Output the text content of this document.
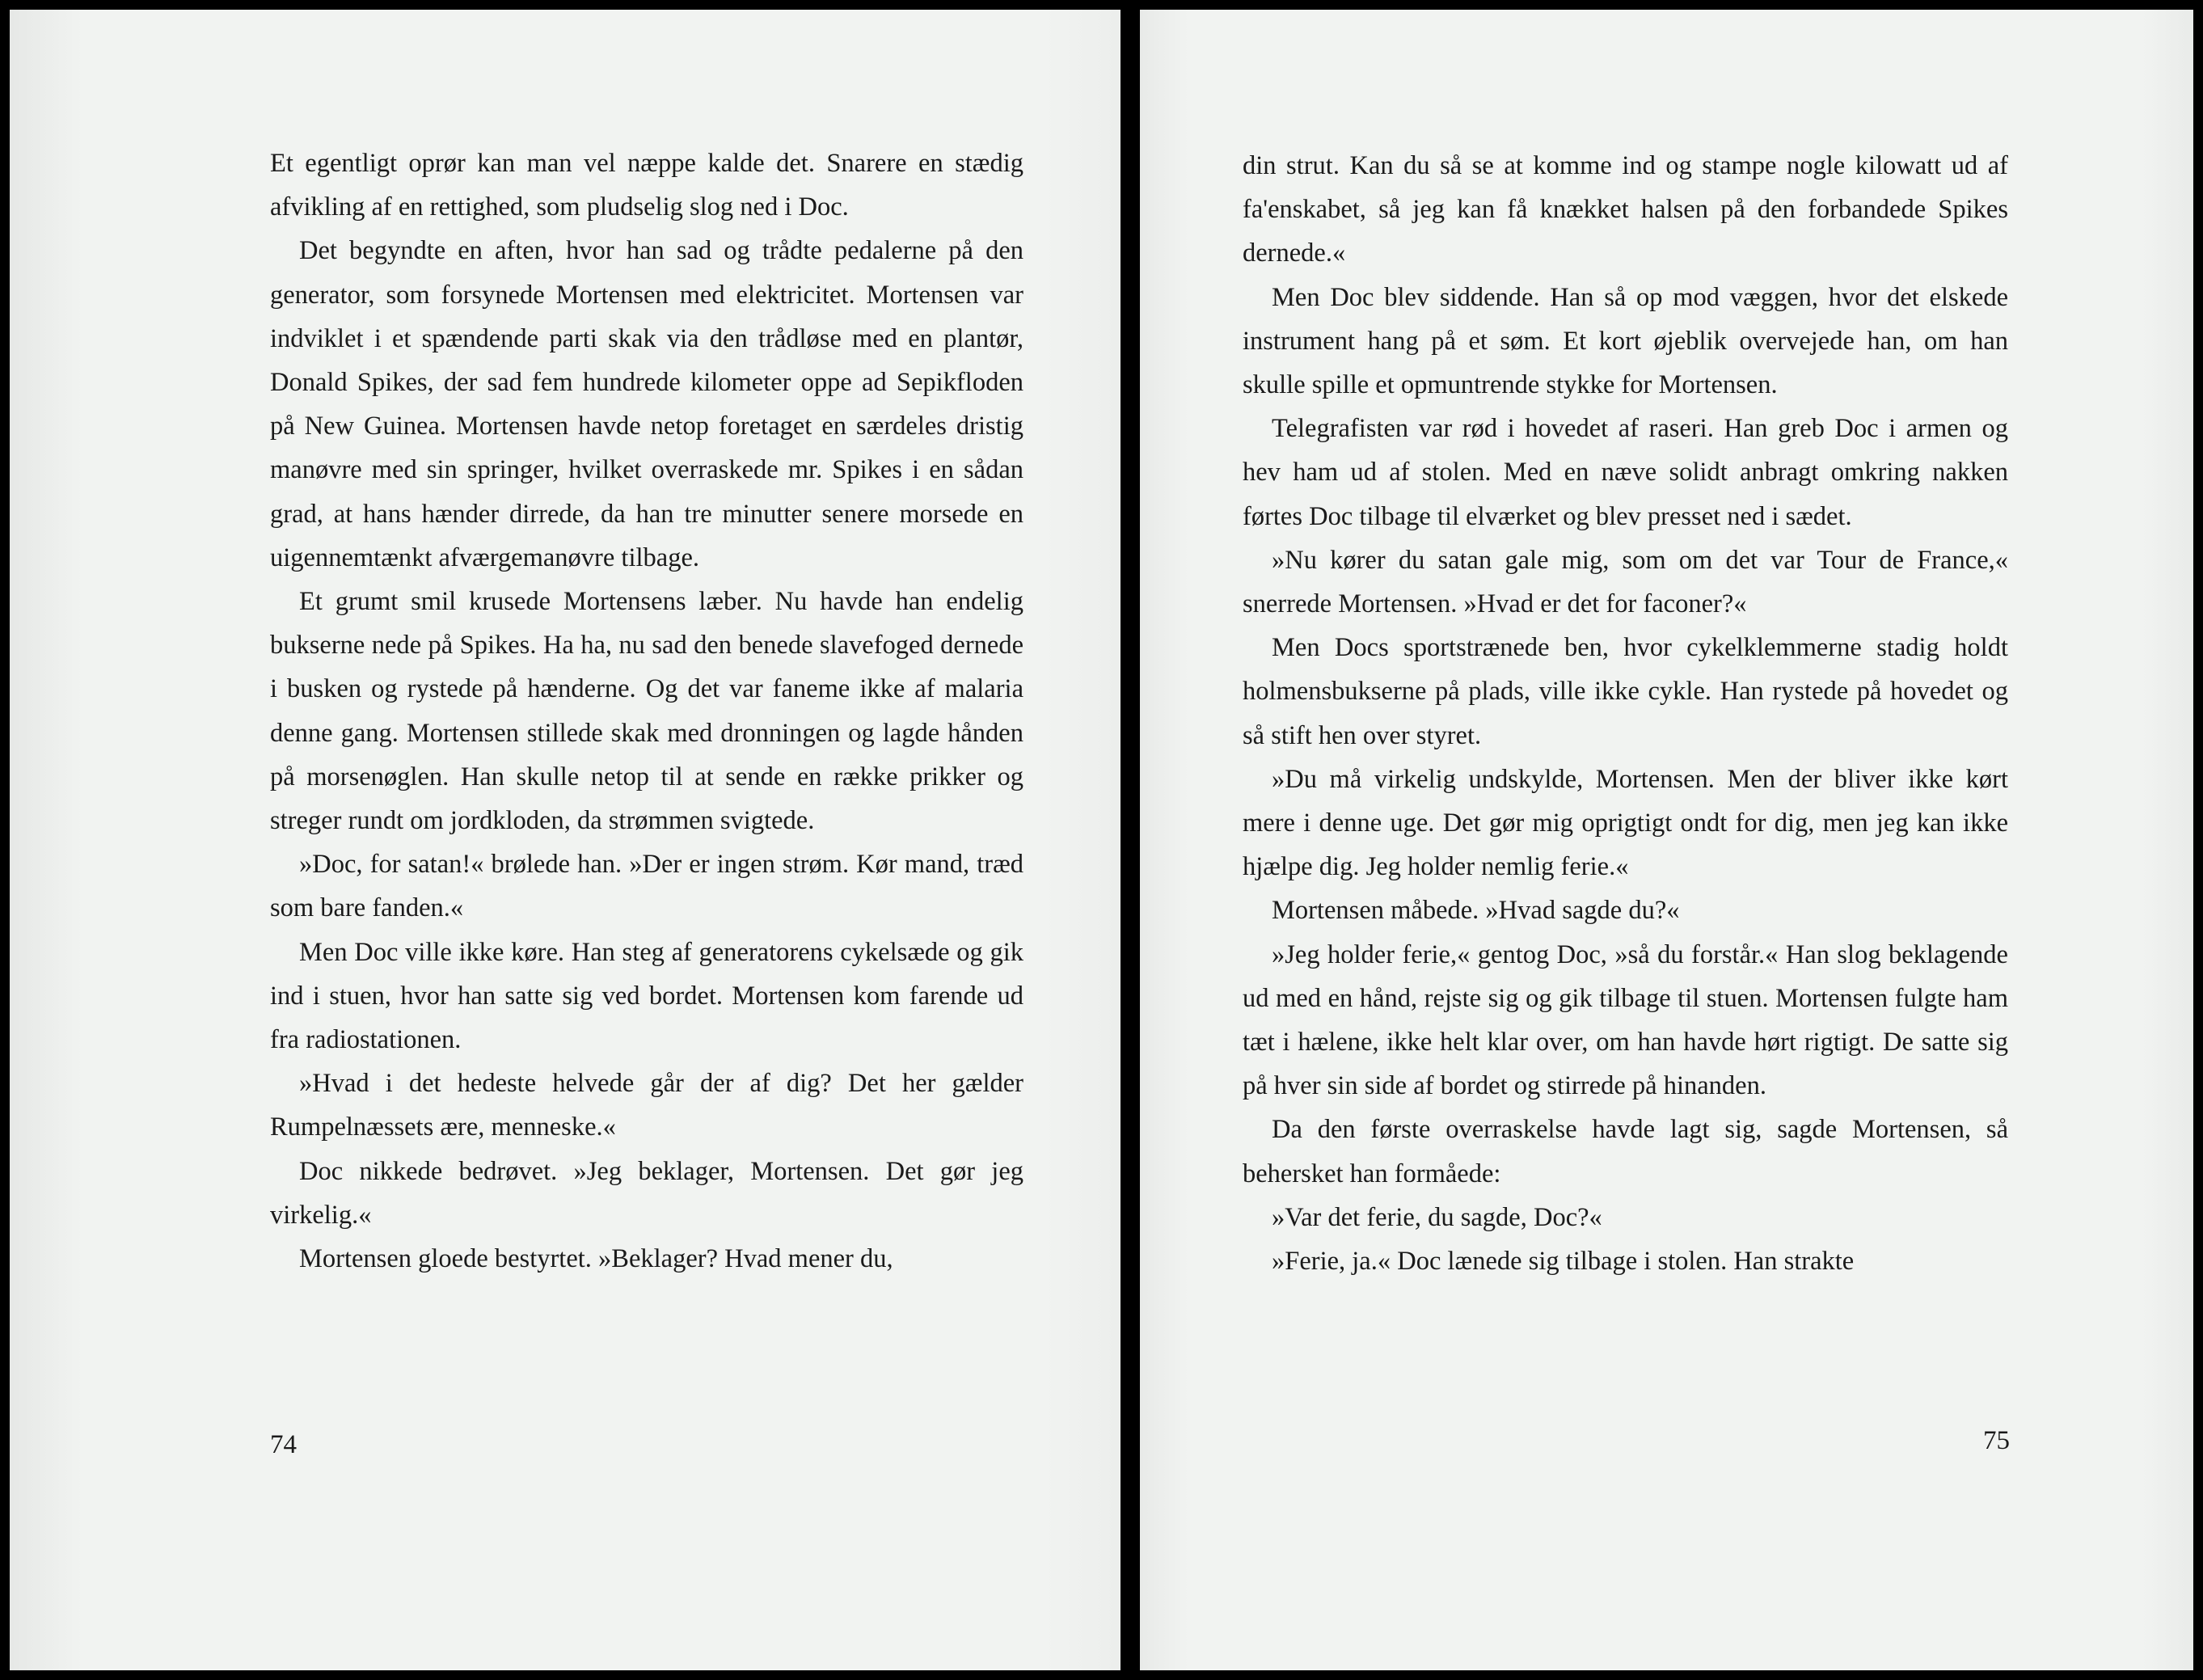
Et egentligt oprør kan man vel næppe kalde det. Snarere en stædig afvikling af en rettighed, som pludselig slog ned i Doc.

Det begyndte en aften, hvor han sad og trådte pedalerne på den generator, som forsynede Mortensen med elektricitet. Mortensen var indviklet i et spændende parti skak via den trådløse med en plantør, Donald Spikes, der sad fem hundrede kilometer oppe ad Sepikfloden på New Guinea. Mortensen havde netop foretaget en særdeles dristig manøvre med sin springer, hvilket overraskede mr. Spikes i en sådan grad, at hans hænder dirrede, da han tre minutter senere morsede en uigennemtænkt afværgemanøvre tilbage.

Et grumt smil krusede Mortensens læber. Nu havde han endelig bukserne nede på Spikes. Ha ha, nu sad den benede slavefoged dernede i busken og rystede på hænderne. Og det var faneme ikke af malaria denne gang. Mortensen stillede skak med dronningen og lagde hånden på morsenøglen. Han skulle netop til at sende en række prikker og streger rundt om jordkloden, da strømmen svigtede.

»Doc, for satan!« brølede han. »Der er ingen strøm. Kør mand, træd som bare fanden.«

Men Doc ville ikke køre. Han steg af generatorens cykelsæde og gik ind i stuen, hvor han satte sig ved bordet. Mortensen kom farende ud fra radiostationen.

»Hvad i det hedeste helvede går der af dig? Det her gælder Rumpelnæssets ære, menneske.«

Doc nikkede bedrøvet. »Jeg beklager, Mortensen. Det gør jeg virkelig.«

Mortensen gloede bestyrtet. »Beklager? Hvad mener du,

74

din strut. Kan du så se at komme ind og stampe nogle kilowatt ud af fa'enskabet, så jeg kan få knækket halsen på den forbandede Spikes dernede.«

Men Doc blev siddende. Han så op mod væggen, hvor det elskede instrument hang på et søm. Et kort øjeblik overvejede han, om han skulle spille et opmuntrende stykke for Mortensen.

Telegrafisten var rød i hovedet af raseri. Han greb Doc i armen og hev ham ud af stolen. Med en næve solidt anbragt omkring nakken førtes Doc tilbage til elværket og blev presset ned i sædet.

»Nu kører du satan gale mig, som om det var Tour de France,« snerrede Mortensen. »Hvad er det for faconer?«

Men Docs sportstrænede ben, hvor cykelklemmerne stadig holdt holmensbukserne på plads, ville ikke cykle. Han rystede på hovedet og så stift hen over styret.

»Du må virkelig undskylde, Mortensen. Men der bliver ikke kørt mere i denne uge. Det gør mig oprigtigt ondt for dig, men jeg kan ikke hjælpe dig. Jeg holder nemlig ferie.«

Mortensen måbede. »Hvad sagde du?«

»Jeg holder ferie,« gentog Doc, »så du forstår.« Han slog beklagende ud med en hånd, rejste sig og gik tilbage til stuen. Mortensen fulgte ham tæt i hælene, ikke helt klar over, om han havde hørt rigtigt. De satte sig på hver sin side af bordet og stirrede på hinanden.

Da den første overraskelse havde lagt sig, sagde Mortensen, så behersket han formåede:

»Var det ferie, du sagde, Doc?«

»Ferie, ja.« Doc lænede sig tilbage i stolen. Han strakte

75
